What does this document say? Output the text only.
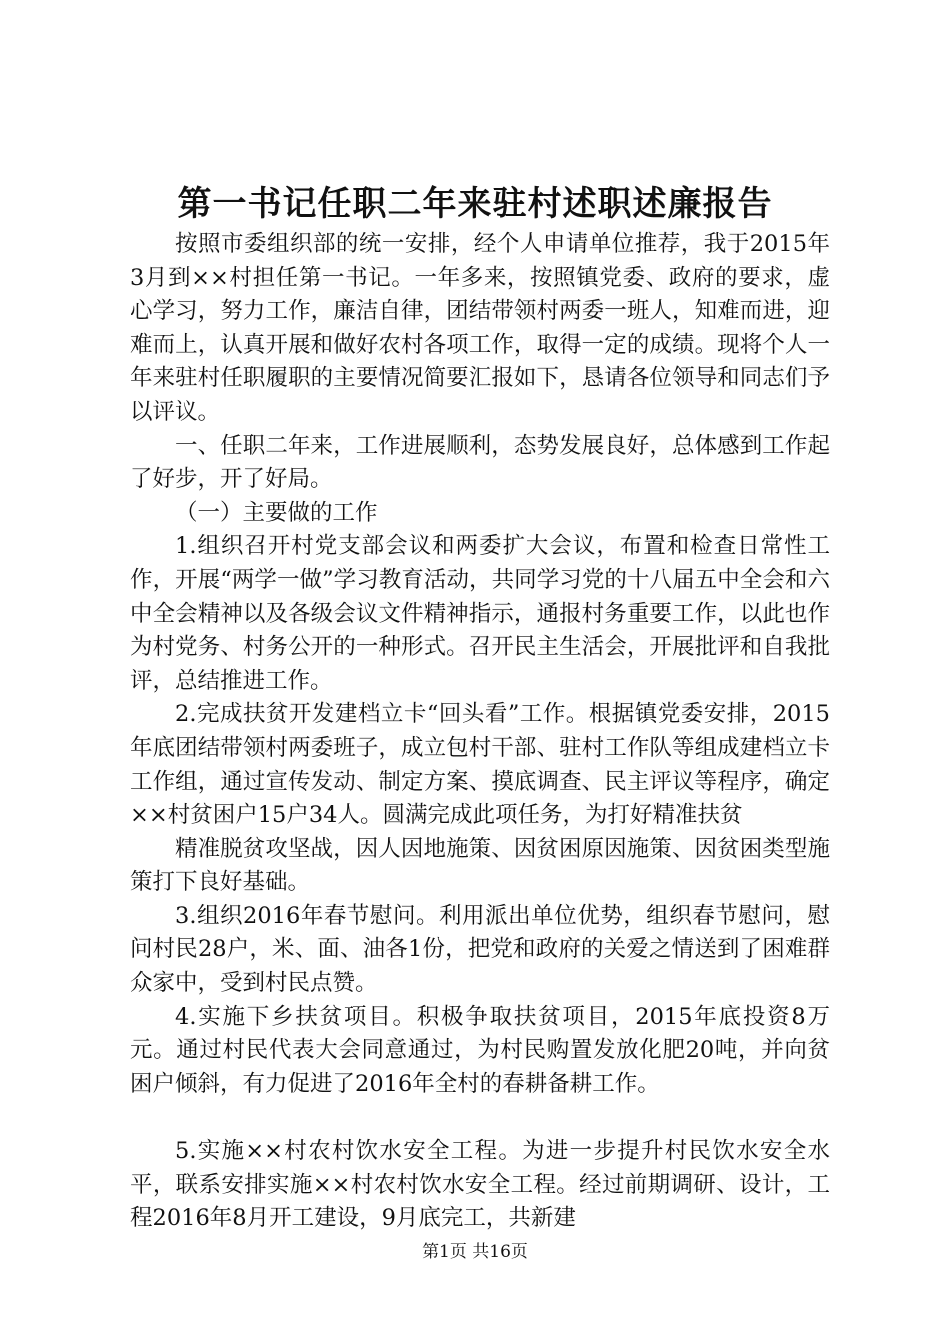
第一书记任职二年来驻村述职述廉报告

按照市委组织部的统一安排，经个人申请单位推荐，我于2015年3月到××村担任第一书记。一年多来，按照镇党委、政府的要求，虚心学习，努力工作，廉洁自律，团结带领村两委一班人，知难而进，迎难而上，认真开展和做好农村各项工作，取得一定的成绩。现将个人一年来驻村任职履职的主要情况简要汇报如下，恳请各位领导和同志们予以评议。

一、任职二年来，工作进展顺利，态势发展良好，总体感到工作起了好步，开了好局。

（一）主要做的工作

1.组织召开村党支部会议和两委扩大会议，布置和检查日常性工作，开展“两学一做”学习教育活动，共同学习党的十八届五中全会和六中全会精神以及各级会议文件精神指示，通报村务重要工作，以此也作为村党务、村务公开的一种形式。召开民主生活会，开展批评和自我批评，总结推进工作。

2.完成扶贫开发建档立卡“回头看”工作。根据镇党委安排，2015年底团结带领村两委班子，成立包村干部、驻村工作队等组成建档立卡工作组，通过宣传发动、制定方案、摸底调查、民主评议等程序，确定××村贫困户15户34人。圆满完成此项任务，为打好精准扶贫

精准脱贫攻坚战，因人因地施策、因贫困原因施策、因贫困类型施策打下良好基础。

3.组织2016年春节慰问。利用派出单位优势，组织春节慰问，慰问村民28户，米、面、油各1份，把党和政府的关爱之情送到了困难群众家中，受到村民点赞。

4.实施下乡扶贫项目。积极争取扶贫项目，2015年底投资8万元。通过村民代表大会同意通过，为村民购置发放化肥20吨，并向贫困户倾斜，有力促进了2016年全村的春耕备耕工作。

5.实施××村农村饮水安全工程。为进一步提升村民饮水安全水平，联系安排实施××村农村饮水安全工程。经过前期调研、设计，工程2016年8月开工建设，9月底完工，共新建

第1页 共16页
